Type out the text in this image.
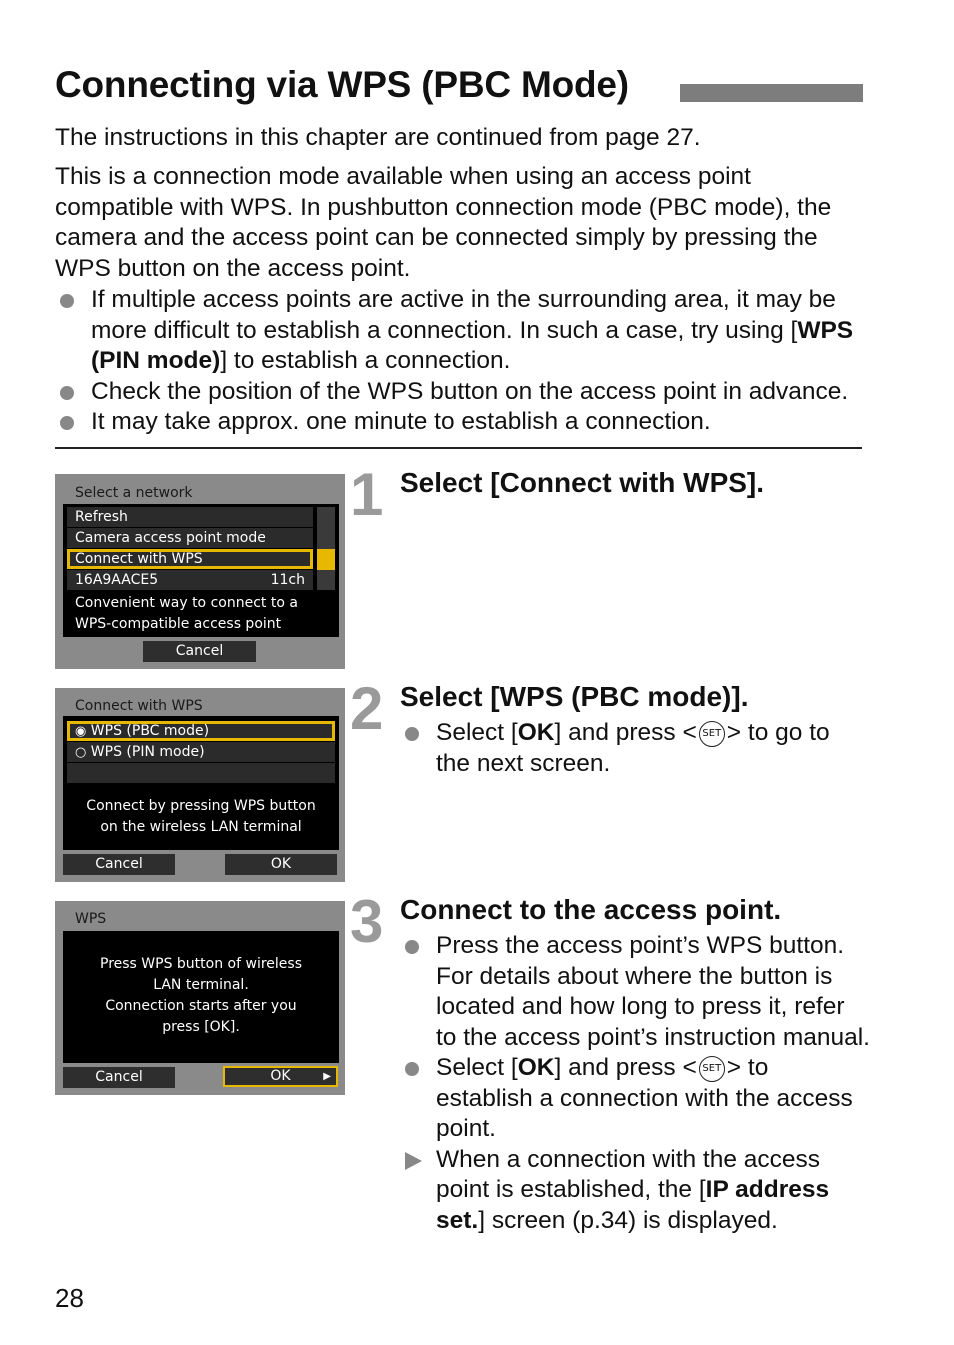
Connecting via WPS (PBC Mode)
The instructions in this chapter are continued from page 27.
This is a connection mode available when using an access point compatible with WPS. In pushbutton connection mode (PBC mode), the camera and the access point can be connected simply by pressing the WPS button on the access point.
If multiple access points are active in the surrounding area, it may be more difficult to establish a connection. In such a case, try using [WPS (PIN mode)] to establish a connection.
Check the position of the WPS button on the access point in advance.
It may take approx. one minute to establish a connection.
Select a network
Refresh
Camera access point mode
Connect with WPS
16A9AACE5	11ch
Convenient way to connect to a
WPS-compatible access point
Cancel
Connect with WPS
◉ WPS (PBC mode)
○ WPS (PIN mode)
Connect by pressing WPS button
on the wireless LAN terminal
Cancel	OK
WPS
Press WPS button of wireless
LAN terminal.
Connection starts after you
press [OK].
Cancel	OK	▶
1 Select [Connect with WPS].
2 Select [WPS (PBC mode)].
Select [OK] and press < SET > to go to the next screen.
3 Connect to the access point.
Press the access point’s WPS button. For details about where the button is located and how long to press it, refer to the access point’s instruction manual.
Select [OK] and press < SET > to establish a connection with the access point.
When a connection with the access point is established, the [IP address set.] screen (p.34) is displayed.
28
